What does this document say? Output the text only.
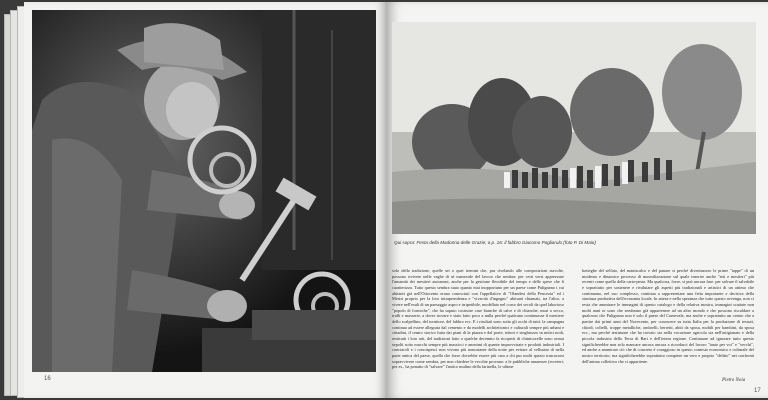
16
Qui sopra: Festa della Madonna delle Grazie; a p. 16: il fabbro Giacomo Pagliarulo (foto P. Di Maio)
solo della tradizione, quelle sei o quei tremini che, pur rivelando alle composizioni stavolte, possono rivivere nelle vaghe di sé manovale del lavoro che sembra: per certi versi apprezzare l'umanità dei mestieri autonomi, anche per la gestione flessibile del tempo e delle spese che li caratterizza. Tutto questo sembra stato quanto mai inopportuno per un paese come Pulignano i cui abitanti già nell'Ottocento erano conosciuti con l'appellativo di "Olandesi della Peucezia" ed i Mestri proprio per la loro intraprendenza e "vivacità d'ingegno" abituati chiamati, tra l'altro, a vivere nell'esuli di un paesaggio aspro e irripetibile, modellato nel corso dei secoli da quel laborioso "popolo di formiche", che ha saputo costruire case bianche di calce e di chianche, muri a secco, trulli e masserie, a dover trovare e stato fatto poco a nulla perché qualcuno continuasse il mestiere dello scalpellino, del tornitore, del fabbro ecc. E i risultati sono sotto gli occhi di tutti: la campagna continua ad essere allegrata dal cemento e da modelli architettonici e culturali sempre più urbani e cittadini, il centro storico furia dai piani di la piazza e dal porte, tettori e singhiozzo in mitici nodi, restituiti i loro arti, del tradizioni fatto o qualche decennio fa ricoperti di chimicorelle sono ormai sepolti sotto mucchi sempre più massicci e anonimi di quante improvvisate e prodotti industriali. I conciaroli e i conciapesci non vivono più nonostante della notte per evitare al vellutato di nella parte antica del paese, quella che forse dovrebbe essere più cara a chi pur molti spazio trascurarsi sopravvivere come sembra, per non chiedere le vecchie provano: a le pubbliche amarezze (ecceteri, per es., ha ponatto di "salvare" l'antico mulino della farinella, le ultime
botteghe del selfaio, del maniscalco e del panare si perché diventassero le prime "tappe" di un moderno e dinamico processo di musealizzazione sul quale inserire anche "arti e mestieri" più recenti come quello della carta-pesta. Ma qualcosa, forse, si può ancora fare: per salvare il salvabile e soprattutto per sostenere e rivalutare gli aspetti più tradizionali e artistici di un attimo che continuano, nel suo complesso, continua a rappresentare una fetta importante e decisiva della struttura produttiva dell'economia locale. In attesa e nella speranza che tutto questo avvenga, non ci resta che ammirare le immagini di questo catalogo e della relativa mostra, immagini scattate non molti anni or sono che sembrano già appartenere ad un altro mondo e che possono riscaldare a qualcuno che Pulignano non è solo il paese del Carnevale, ma anche e soprattutto un centro che a partire dai primi anni del Novecento, per conoscere su tutta Italia per la produzione di tessuti, chiodi, coltelli, troppe metalliche, ombrelli, berretti, abiti da sposa, mobili per bambini, da sposa ecc., ma perché testimone che ha trovato sia nella vocazione agricola sia nell'artigianato e della piccola industria della Terra di Bari e dell'intera regione. Continuare ad ignorare tutto questo significherebbe non solo mancare ancora ancora a ricordarci del lavoro "tanto per voi" e "vecchi", ed anche a ammirare ciò che di concreto è coraggioso in questo contesto economico e culturale del nostro territorio; ma significherebbe soprattutto compiere un vero e proprio "delitto" nei confronti dell'anima collettiva che ci appartiene.
Pietro Noia
17
